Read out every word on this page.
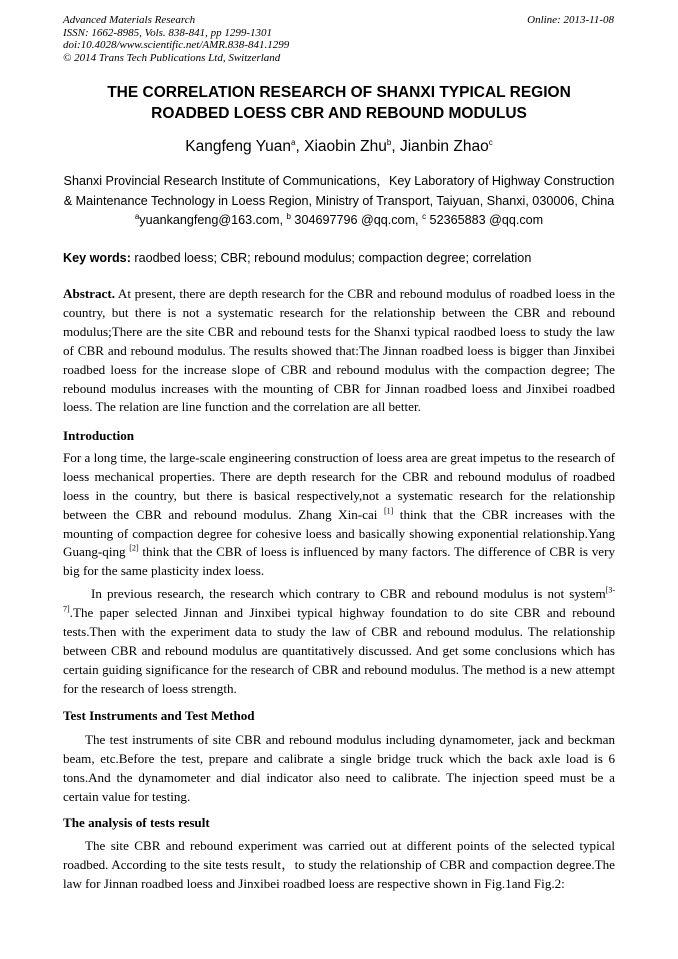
Advanced Materials Research
ISSN: 1662-8985, Vols. 838-841, pp 1299-1301
doi:10.4028/www.scientific.net/AMR.838-841.1299
© 2014 Trans Tech Publications Ltd, Switzerland
Online: 2013-11-08
THE CORRELATION RESEARCH OF SHANXI TYPICAL REGION
ROADBED LOESS CBR AND REBOUND MODULUS
Kangfeng Yuan$^a$, Xiaobin Zhu$^b$, Jianbin Zhao$^c$
Shanxi Provincial Research Institute of Communications，Key Laboratory of Highway Construction
& Maintenance Technology in Loess Region, Ministry of Transport, Taiyuan, Shanxi, 030006, China
$^a$yuankangfeng@163.com, $^b$ 304697796 @qq.com, $^c$ 52365883 @qq.com
Key words: raodbed loess; CBR; rebound modulus; compaction degree; correlation

Abstract. At present, there are depth research for the CBR and rebound modulus of roadbed loess in the country, but there is not a systematic research for the relationship between the CBR and rebound modulus;There are the site CBR and rebound tests for the Shanxi typical raodbed loess to study the law of CBR and rebound modulus. The results showed that:The Jinnan roadbed loess is bigger than Jinxibei roadbed loess for the increase slope of CBR and rebound modulus with the compaction degree; The rebound modulus increases with the mounting of CBR for Jinnan roadbed loess and Jinxibei roadbed loess. The relation are line function and the correlation are all better.

Introduction

For a long time, the large-scale engineering construction of loess area are great impetus to the research of loess mechanical properties. There are depth research for the CBR and rebound modulus of roadbed loess in the country, but there is basical respectively,not a systematic research for the relationship between the CBR and rebound modulus. Zhang Xin-cai [1] think that the CBR increases with the mounting of compaction degree for cohesive loess and basically showing exponential relationship.Yang Guang-qing [2] think that the CBR of loess is influenced by many factors. The difference of CBR is very big for the same plasticity index loess.

In previous research, the research which contrary to CBR and rebound modulus is not system[3-7].The paper selected Jinnan and Jinxibei typical highway foundation to do site CBR and rebound tests.Then with the experiment data to study the law of CBR and rebound modulus. The relationship between CBR and rebound modulus are quantitatively discussed. And get some conclusions which has certain guiding significance for the research of CBR and rebound modulus. The method is a new attempt for the research of loess strength.

Test Instruments and Test Method

The test instruments of site CBR and rebound modulus including dynamometer, jack and beckman beam, etc.Before the test, prepare and calibrate a single bridge truck which the back axle load is 6 tons.And the dynamometer and dial indicator also need to calibrate. The injection speed must be a certain value for testing.

The analysis of tests result

The site CBR and rebound experiment was carried out at different points of the selected typical roadbed. According to the site tests result，to study the relationship of CBR and compaction degree.The law for Jinnan roadbed loess and Jinxibei roadbed loess are respective shown in Fig.1and Fig.2:
